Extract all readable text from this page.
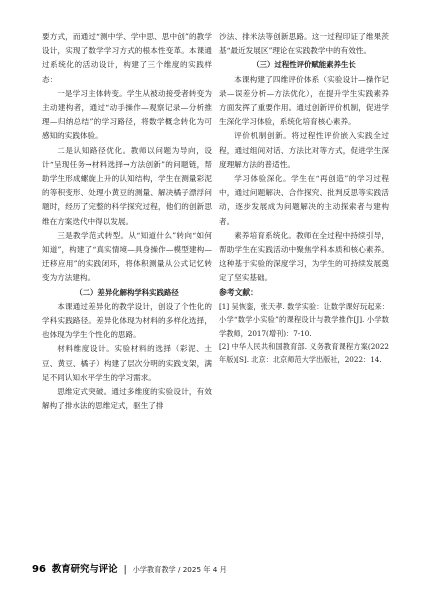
要方式，而通过“测中学、学中思、思中创”的教学设计，实现了数学学习方式的根本性变革。本课通过系统化的活动设计，构建了三个维度的实践样态：

一是学习主体转变。学生从被动接受者转变为主动建构者，通过“动手操作—观察记录—分析推理—归纳总结”的学习路径，将数学概念转化为可感知的实践体验。

二是认知路径优化。教师以问题为导向，设计“呈现任务→材料选择→方法创新”的问题链，帮助学生形成螺旋上升的认知结构，学生在测量彩泥的等积变形、处理小黄豆的测量、解决橘子漂浮问题时，经历了完整的科学探究过程，他们的创新思维在方案迭代中得以发展。

三是教学范式转型。从“知道什么”转向“如何知道”，构建了“真实情境—具身操作—模型建构—迁移应用”的实践闭环，将体积测量从公式记忆转变为方法建构。

（二）差异化解构学科实践路径

本课通过差异化的教学设计，创设了个性化的学科实践路径。差异化体现为材料的多样化选择，也体现为学生个性化的思路。

材料维度设计。实验材料的选择（彩泥、土豆、黄豆、橘子）构建了层次分明的实践支架，满足不同认知水平学生的学习需求。

思维定式突破。通过多维度的实验设计，有效解构了排水法的思维定式，驱生了排

沙法、排米法等创新思路。这一过程印证了维果茨基“最近发展区”理论在实践教学中的有效性。

（三）过程性评价赋能素养生长

本课构建了四维评价体系（实验设计—操作记录—误差分析—方法优化），在提升学生实践素养方面发挥了重要作用。通过创新评价机制，促进学生深化学习体验，系统化培育核心素养。

评价机制创新。将过程性评价嵌入实践全过程，通过组间对话、方法比对等方式，促进学生深度理解方法的普适性。

学习体验深化。学生在“再创造”的学习过程中，通过问题解决、合作探究、批判反思等实践活动，逐步发展成为问题解决的主动探索者与建构者。

素养培育系统化。教师在全过程中持续引导，帮助学生在实践活动中聚焦学科本质和核心素养。这种基于实验的深度学习，为学生的可持续发展奠定了坚实基础。

参考文献：

[1] 吴恢銮，张天孝. 数学实验：让数学课好玩起来：小学“数学小实验”的课程设计与教学推作[J]. 小学数学教师，2017(增刊)：7-10.

[2] 中华人民共和国教育部. 义务教育课程方案(2022年版)[S]. 北京：北京师范大学出版社，2022：14.

96 教育研究与评论 | 小学教育教学 / 2025 年 4 月
